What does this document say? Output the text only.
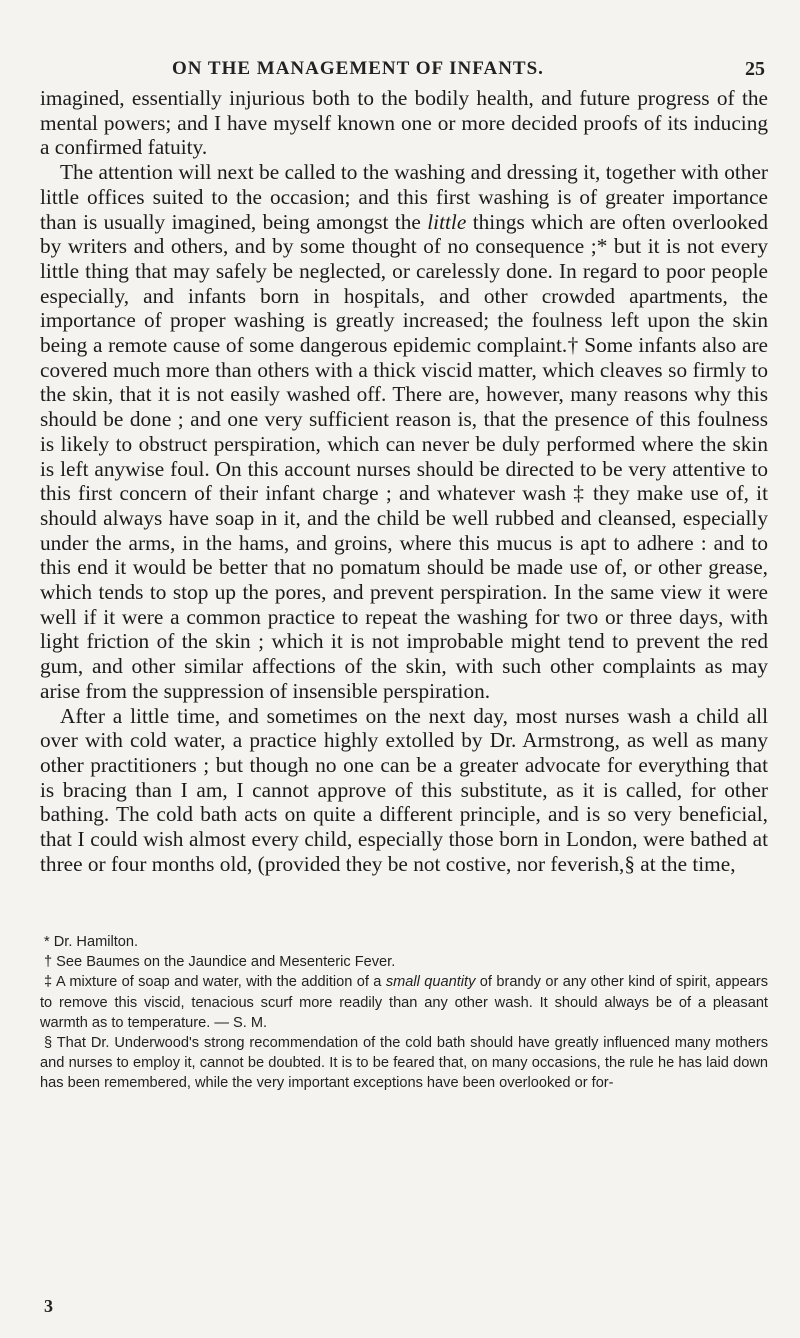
ON THE MANAGEMENT OF INFANTS.	25

imagined, essentially injurious both to the bodily health, and future progress of the mental powers; and I have myself known one or more decided proofs of its inducing a confirmed fatuity.

The attention will next be called to the washing and dressing it, together with other little offices suited to the occasion; and this first washing is of greater importance than is usually imagined, being amongst the little things which are often overlooked by writers and others, and by some thought of no consequence ;* but it is not every little thing that may safely be neglected, or carelessly done. In regard to poor people especially, and infants born in hospitals, and other crowded apartments, the importance of proper washing is greatly increased; the foulness left upon the skin being a remote cause of some dangerous epidemic complaint.† Some infants also are covered much more than others with a thick viscid matter, which cleaves so firmly to the skin, that it is not easily washed off. There are, however, many reasons why this should be done ; and one very sufficient reason is, that the presence of this foulness is likely to obstruct perspiration, which can never be duly performed where the skin is left anywise foul. On this account nurses should be directed to be very attentive to this first concern of their infant charge ; and whatever wash ‡ they make use of, it should always have soap in it, and the child be well rubbed and cleansed, especially under the arms, in the hams, and groins, where this mucus is apt to adhere : and to this end it would be better that no pomatum should be made use of, or other grease, which tends to stop up the pores, and prevent perspiration. In the same view it were well if it were a common practice to repeat the washing for two or three days, with light friction of the skin ; which it is not improbable might tend to prevent the red gum, and other similar affections of the skin, with such other complaints as may arise from the suppression of insensible perspiration.

After a little time, and sometimes on the next day, most nurses wash a child all over with cold water, a practice highly extolled by Dr. Armstrong, as well as many other practitioners ; but though no one can be a greater advocate for everything that is bracing than I am, I cannot approve of this substitute, as it is called, for other bathing. The cold bath acts on quite a different principle, and is so very beneficial, that I could wish almost every child, especially those born in London, were bathed at three or four months old, (provided they be not costive, nor feverish,§ at the time,

* Dr. Hamilton.

† See Baumes on the Jaundice and Mesenteric Fever.

‡ A mixture of soap and water, with the addition of a small quantity of brandy or any other kind of spirit, appears to remove this viscid, tenacious scurf more readily than any other wash. It should always be of a pleasant warmth as to temperature. — S. M.

§ That Dr. Underwood's strong recommendation of the cold bath should have greatly influenced many mothers and nurses to employ it, cannot be doubted. It is to be feared that, on many occasions, the rule he has laid down has been remembered, while the very important exceptions have been overlooked or for-

3
